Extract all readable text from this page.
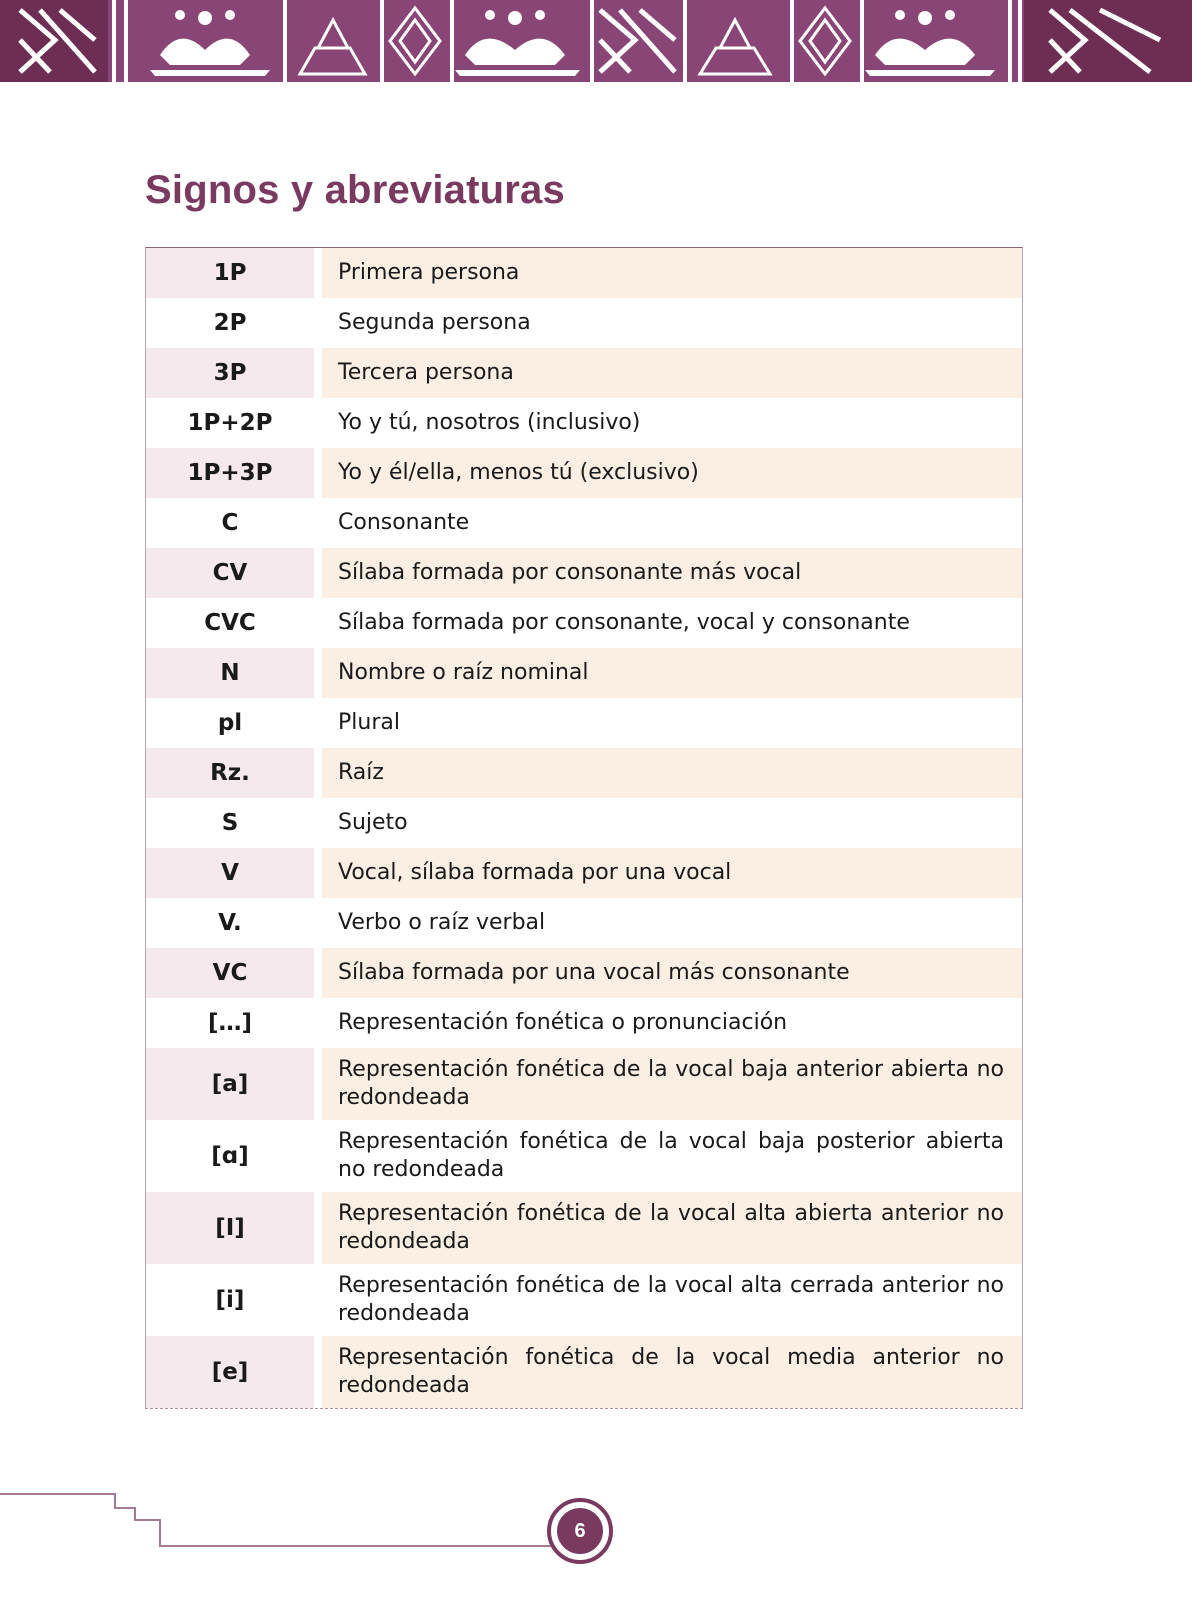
Signos y abreviaturas
1P	Primera persona
2P	Segunda persona
3P	Tercera persona
1P+2P	Yo y tú, nosotros (inclusivo)
1P+3P	Yo y él/ella, menos tú (exclusivo)
C	Consonante
CV	Sílaba formada por consonante más vocal
CVC	Sílaba formada por consonante, vocal y consonante
N	Nombre o raíz nominal
pl	Plural
Rz.	Raíz
S	Sujeto
V	Vocal, sílaba formada por una vocal
V.	Verbo o raíz verbal
VC	Sílaba formada por una vocal más consonante
[…]	Representación fonética o pronunciación
[a]	Representación fonética de la vocal baja anterior abierta no redondeada
[ɑ]	Representación fonética de la vocal baja posterior abierta no redondeada
[I]	Representación fonética de la vocal alta abierta anterior no redondeada
[i]	Representación fonética de la vocal alta cerrada anterior no redondeada
[e]	Representación fonética de la vocal media anterior no redondeada
6
